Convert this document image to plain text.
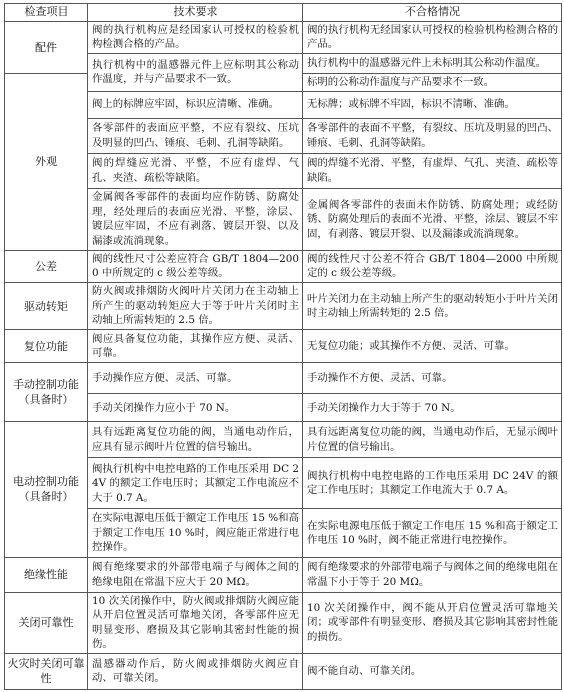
检查项目	技术要求	不合格情况
配件	阀的执行机构应是经国家认可授权的检验机构检测合格的产品。	阀的执行机构无经国家认可授权的检验机构检测合格的产品。
	执行机构中的温感器元件上应标明其公称动作温度，并与产品要求不一致。	执行机构中的温感器元件上未标明其公称动作温度。
外观		标明的公称动作温度与产品要求不一致。
	阀上的标牌应牢固，标识应清晰、准确。	无标牌；或标牌不牢固，标识不清晰、准确。
	各零部件的表面应平整，不应有裂纹、压坑及明显的凹凸、锤痕、毛刺、孔洞等缺陷。	各零部件的表面不平整，有裂纹、压坑及明显的凹凸、锤痕、毛刺、孔洞等缺陷。
	阀的焊缝应光滑、平整，不应有虚焊、气孔、夹渣、疏松等缺陷。	阀的焊缝不光滑、平整，有虚焊、气孔、夹渣、疏松等缺陷。
	金属阀各零部件的表面均应作防锈、防腐处理，经处理后的表面应光滑、平整，涂层、镀层应牢固，不应有剥落、镀层开裂、以及漏漆或流淌现象。	金属阀各零部件的表面未作防锈、防腐处理；或经防锈、防腐处理后的表面不光滑、平整，涂层、镀层不牢固，有剥落、镀层开裂、以及漏漆或流淌现象。
公差	阀的线性尺寸公差应符合 GB/T 1804—2000 中所规定的 c 级公差等级。	阀的线性尺寸公差不符合 GB/T 1804—2000 中所规定的 c 级公差等级。
驱动转矩	防火阀或排烟防火阀叶片关闭力在主动轴上所产生的驱动转矩应大于等于叶片关闭时主动轴上所需转矩的 2.5 倍。	叶片关闭力在主动轴上所产生的驱动转矩小于叶片关闭时主动轴上所需转矩的 2.5 倍。
复位功能	阀应具备复位功能，其操作应方便、灵活、可靠。	无复位功能；或其操作不方便、灵活、可靠。
手动控制功能（具备时）	手动操作应方便、灵活、可靠。	手动操作不方便、灵活、可靠。
	手动关闭操作力应小于 70 N。	手动关闭操作力大于等于 70 N。
电动控制功能（具备时）	具有远距离复位功能的阀，当通电动作后，应具有显示阀叶片位置的信号输出。	具有远距离复位功能的阀，当通电动作后，无显示阀叶片位置的信号输出。
	阀执行机构中电控电路的工作电压采用 DC 24V 的额定工作电压时；其额定工作电流应不大于 0.7 A。	阀执行机构中电控电路的工作电压采用 DC 24V 的额定工作电压时；其额定工作电流大于 0.7 A。
	在实际电源电压低于额定工作电压 15 %和高于额定工作电压 10 %时，阀应能正常进行电控操作。	在实际电源电压低于额定工作电压 15 %和高于额定工作电压 10 %时，阀不能正常进行电控操作。
绝缘性能	阀有绝缘要求的外部带电端子与阀体之间的绝缘电阻在常温下应大于 20 MΩ。	阀有绝缘要求的外部带电端子与阀体之间的绝缘电阻在常温下小于等于 20 MΩ。
关闭可靠性	10 次关闭操作中，防火阀或排烟防火阀应能从开启位置灵活可靠地关闭，各零部件应无明显变形、磨损及其它影响其密封性能的损伤。	10 次关闭操作中，阀不能从开启位置灵活可靠地关闭；或零部件有明显变形、磨损及其它影响其密封性能的损伤。
火灾时关闭可靠性	温感器动作后，防火阀或排烟防火阀应自动、可靠关闭。	阀不能自动、可靠关闭。
